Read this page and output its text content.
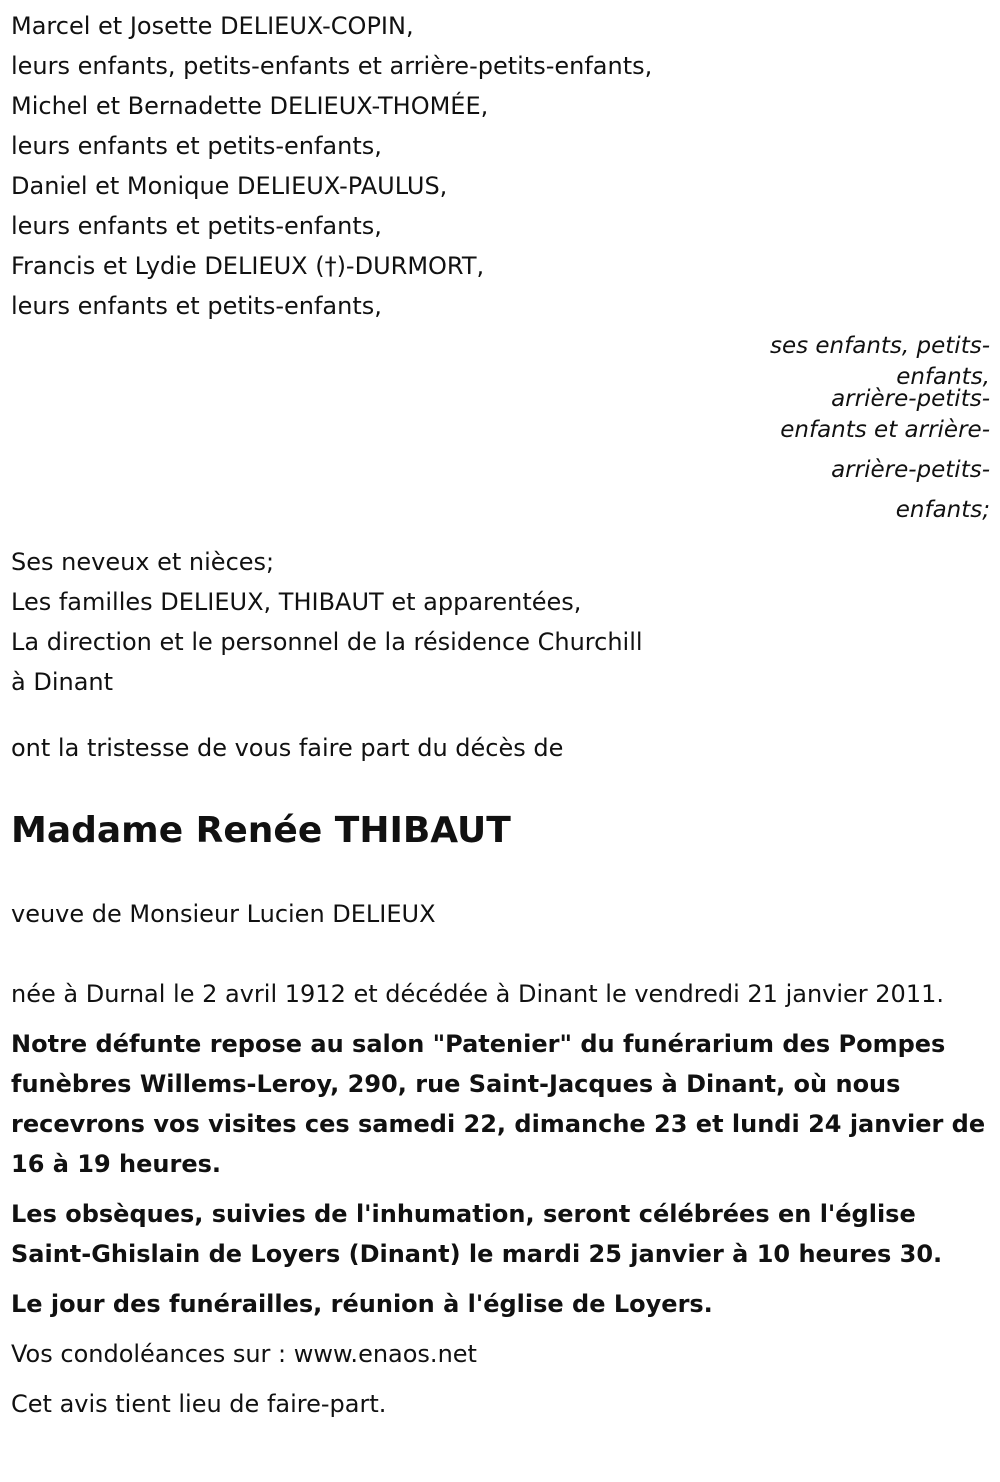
Marcel et Josette DELIEUX-COPIN,

leurs enfants, petits-enfants et arrière-petits-enfants,

Michel et Bernadette DELIEUX-THOMÉE,

leurs enfants et petits-enfants,

Daniel et Monique DELIEUX-PAULUS,

leurs enfants et petits-enfants,

Francis et Lydie DELIEUX (†)-DURMORT,

leurs enfants et petits-enfants,

ses enfants, petits-
enfants,
arrière-petits-
enfants et arrière-
arrière-petits-
enfants;

Ses neveux et nièces;

Les familles DELIEUX, THIBAUT et apparentées,

La direction et le personnel de la résidence Churchill

à Dinant

ont la tristesse de vous faire part du décès de

Madame Renée THIBAUT

veuve de Monsieur Lucien DELIEUX

née à Durnal le 2 avril 1912 et décédée à Dinant le vendredi 21 janvier 2011.

Notre défunte repose au salon "Patenier" du funérarium des Pompes funèbres Willems-Leroy, 290, rue Saint-Jacques à Dinant, où nous recevrons vos visites ces samedi 22, dimanche 23 et lundi 24 janvier de 16 à 19 heures.

Les obsèques, suivies de l'inhumation, seront célébrées en l'église Saint-Ghislain de Loyers (Dinant) le mardi 25 janvier à 10 heures 30.

Le jour des funérailles, réunion à l'église de Loyers.

Vos condoléances sur : www.enaos.net

Cet avis tient lieu de faire-part.
